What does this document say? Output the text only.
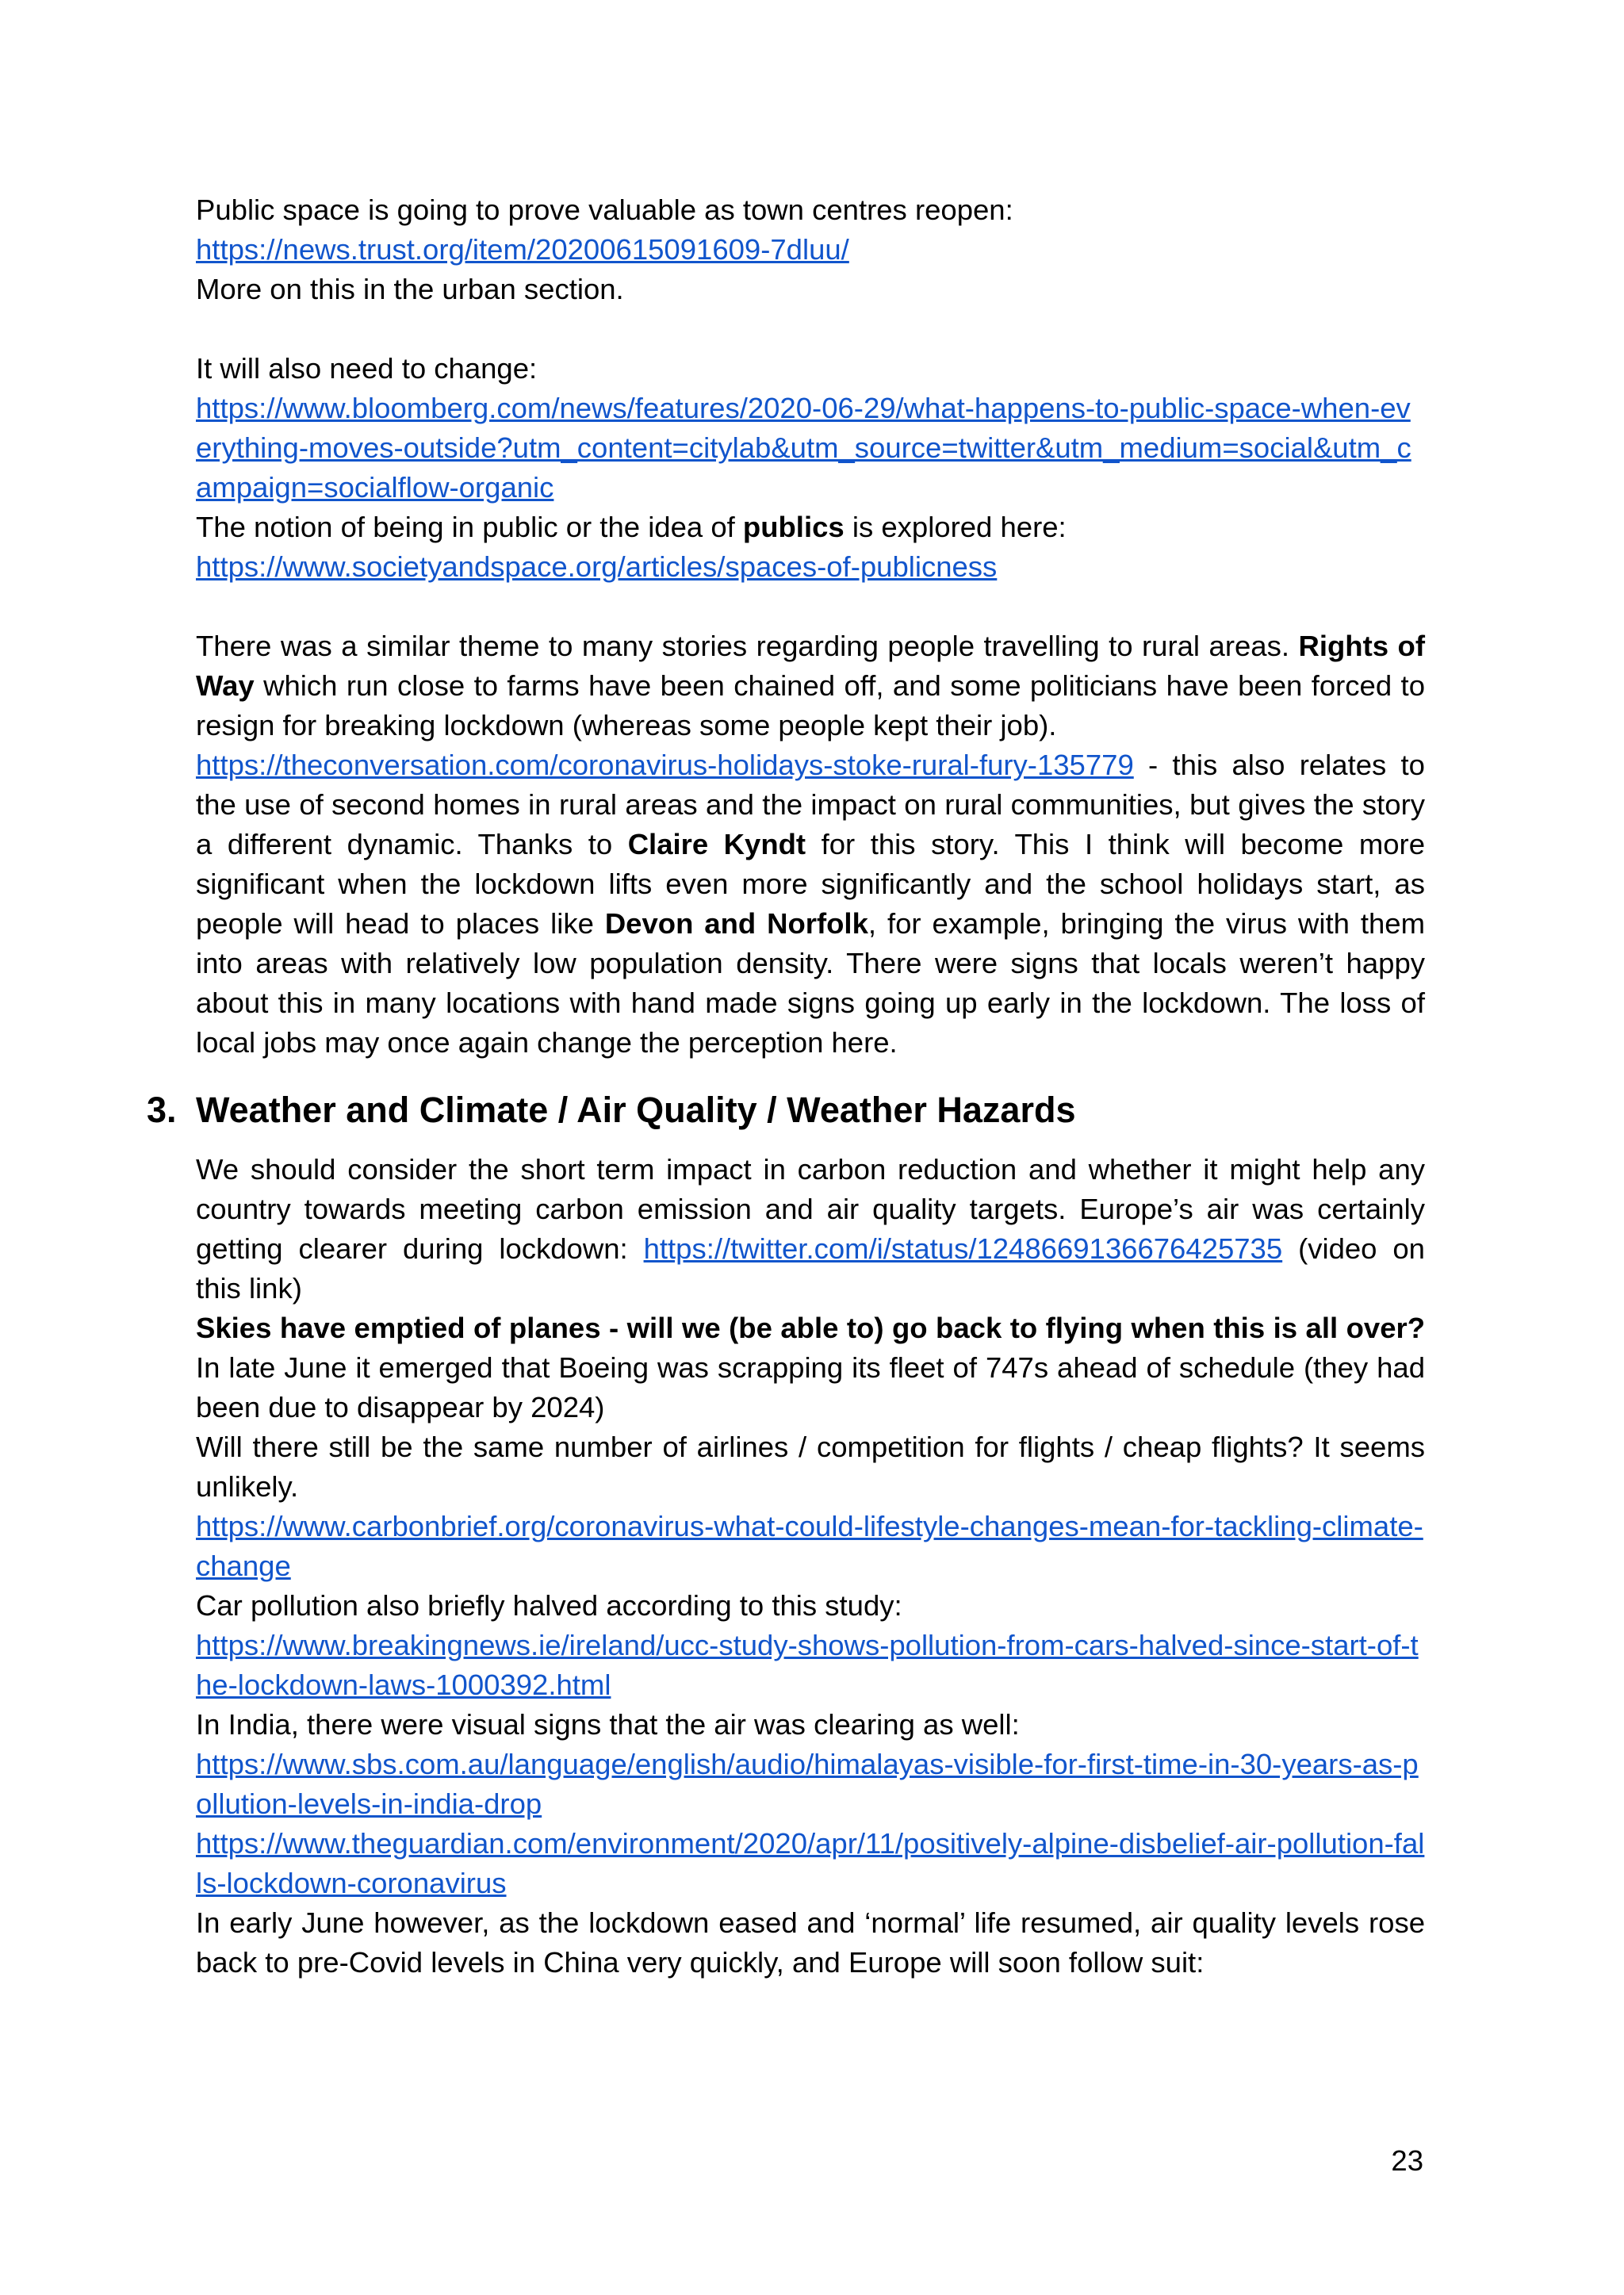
Public space is going to prove valuable as town centres reopen:
https://news.trust.org/item/20200615091609-7dluu/
More on this in the urban section.

It will also need to change:
https://www.bloomberg.com/news/features/2020-06-29/what-happens-to-public-space-when-everything-moves-outside?utm_content=citylab&utm_source=twitter&utm_medium=social&utm_campaign=socialflow-organic
The notion of being in public or the idea of publics is explored here:
https://www.societyandspace.org/articles/spaces-of-publicness

There was a similar theme to many stories regarding people travelling to rural areas. Rights of Way which run close to farms have been chained off, and some politicians have been forced to resign for breaking lockdown (whereas some people kept their job).
https://theconversation.com/coronavirus-holidays-stoke-rural-fury-135779 - this also relates to the use of second homes in rural areas and the impact on rural communities, but gives the story a different dynamic. Thanks to Claire Kyndt for this story. This I think will become more significant when the lockdown lifts even more significantly and the school holidays start, as people will head to places like Devon and Norfolk, for example, bringing the virus with them into areas with relatively low population density. There were signs that locals weren’t happy about this in many locations with hand made signs going up early in the lockdown. The loss of local jobs may once again change the perception here.

3. Weather and Climate / Air Quality / Weather Hazards

We should consider the short term impact in carbon reduction and whether it might help any country towards meeting carbon emission and air quality targets. Europe’s air was certainly getting clearer during lockdown: https://twitter.com/i/status/1248669136676425735 (video on this link)

Skies have emptied of planes - will we (be able to) go back to flying when this is all over? In late June it emerged that Boeing was scrapping its fleet of 747s ahead of schedule (they had been due to disappear by 2024)

Will there still be the same number of airlines / competition for flights / cheap flights? It seems unlikely.
https://www.carbonbrief.org/coronavirus-what-could-lifestyle-changes-mean-for-tackling-climate-change
Car pollution also briefly halved according to this study:
https://www.breakingnews.ie/ireland/ucc-study-shows-pollution-from-cars-halved-since-start-of-the-lockdown-laws-1000392.html
In India, there were visual signs that the air was clearing as well:
https://www.sbs.com.au/language/english/audio/himalayas-visible-for-first-time-in-30-years-as-pollution-levels-in-india-drop
https://www.theguardian.com/environment/2020/apr/11/positively-alpine-disbelief-air-pollution-falls-lockdown-coronavirus
In early June however, as the lockdown eased and ‘normal’ life resumed, air quality levels rose back to pre-Covid levels in China very quickly, and Europe will soon follow suit:

23
